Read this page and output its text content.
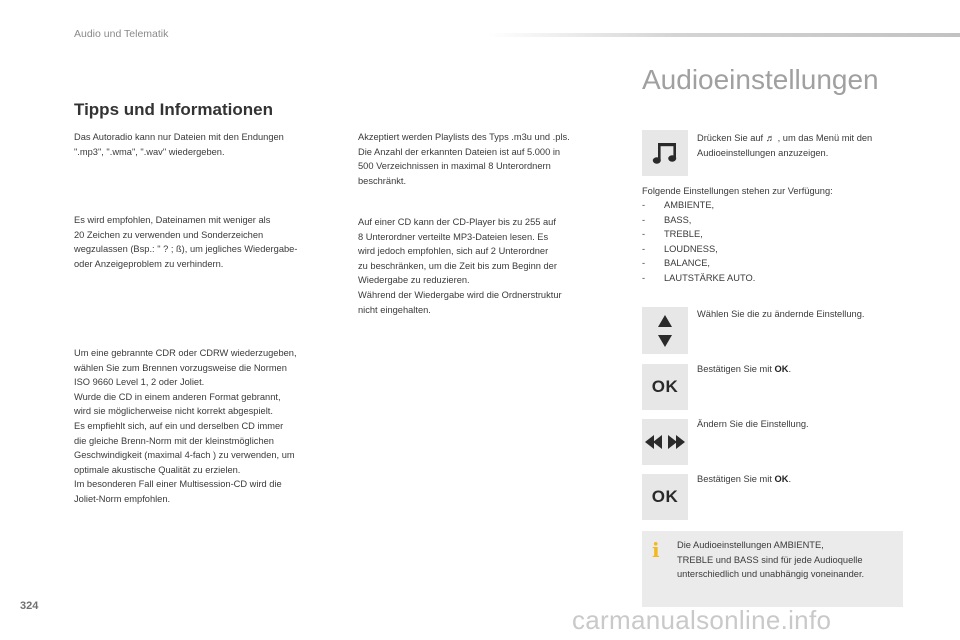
Audio und Telematik
Audioeinstellungen
Tipps und Informationen
Das Autoradio kann nur Dateien mit den Endungen
".mp3", ".wma", ".wav" wiedergeben.
Es wird empfohlen, Dateinamen mit weniger als
20 Zeichen zu verwenden und Sonderzeichen
wegzulassen (Bsp.: " ? ; ß), um jegliches Wiedergabe-
oder Anzeigeproblem zu verhindern.
Um eine gebrannte CDR oder CDRW wiederzugeben,
wählen Sie zum Brennen vorzugsweise die Normen
ISO 9660 Level 1, 2 oder Joliet.
Wurde die CD in einem anderen Format gebrannt,
wird sie möglicherweise nicht korrekt abgespielt.
Es empfiehlt sich, auf ein und derselben CD immer
die gleiche Brenn-Norm mit der kleinstmöglichen
Geschwindigkeit (maximal 4-fach ) zu verwenden, um
optimale akustische Qualität zu erzielen.
Im besonderen Fall einer Multisession-CD wird die
Joliet-Norm empfohlen.
Akzeptiert werden Playlists des Typs .m3u und .pls.
Die Anzahl der erkannten Dateien ist auf 5.000 in
500 Verzeichnissen in maximal 8 Unterordnern
beschränkt.
Auf einer CD kann der CD-Player bis zu 255 auf
8 Unterordner verteilte MP3-Dateien lesen. Es
wird jedoch empfohlen, sich auf 2 Unterordner
zu beschränken, um die Zeit bis zum Beginn der
Wiedergabe zu reduzieren.
Während der Wiedergabe wird die Ordnerstruktur
nicht eingehalten.
Drücken Sie auf ♬ , um das Menü mit den
Audioeinstellungen anzuzeigen.
Folgende Einstellungen stehen zur Verfügung:
- AMBIENTE,
- BASS,
- TREBLE,
- LOUDNESS,
- BALANCE,
- LAUTSTÄRKE AUTO.
Wählen Sie die zu ändernde Einstellung.
OK
Bestätigen Sie mit OK.
Ändern Sie die Einstellung.
OK
Bestätigen Sie mit OK.
i Die Audioeinstellungen AMBIENTE,
TREBLE und BASS sind für jede Audioquelle
unterschiedlich und unabhängig voneinander.
324	carmanualsonline.info
